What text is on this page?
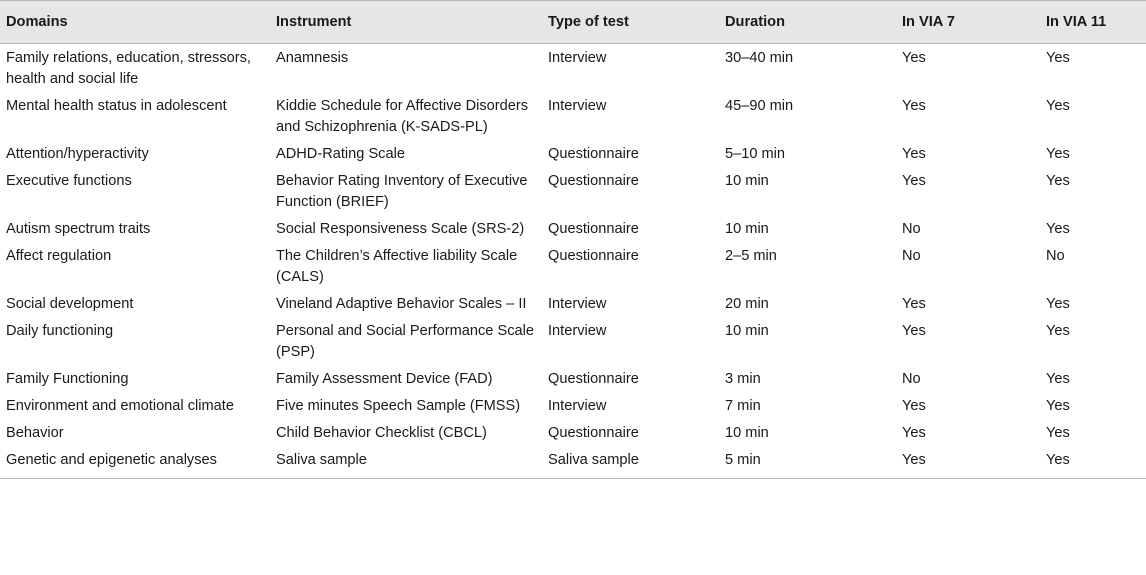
Domains	Instrument	Type of test	Duration	In VIA 7	In VIA 11
Family relations, education, stressors, health and social life	Anamnesis	Interview	30–40 min	Yes	Yes
Mental health status in adolescent	Kiddie Schedule for Affective Disorders and Schizophrenia (K-SADS-PL)	Interview	45–90 min	Yes	Yes
Attention/hyperactivity	ADHD-Rating Scale	Questionnaire	5–10 min	Yes	Yes
Executive functions	Behavior Rating Inventory of Executive Function (BRIEF)	Questionnaire	10 min	Yes	Yes
Autism spectrum traits	Social Responsiveness Scale (SRS-2)	Questionnaire	10 min	No	Yes
Affect regulation	The Children’s Affective liability Scale (CALS)	Questionnaire	2–5 min	No	No
Social development	Vineland Adaptive Behavior Scales – II	Interview	20 min	Yes	Yes
Daily functioning	Personal and Social Performance Scale (PSP)	Interview	10 min	Yes	Yes
Family Functioning	Family Assessment Device (FAD)	Questionnaire	3 min	No	Yes
Environment and emotional climate	Five minutes Speech Sample (FMSS)	Interview	7 min	Yes	Yes
Behavior	Child Behavior Checklist (CBCL)	Questionnaire	10 min	Yes	Yes
Genetic and epigenetic analyses	Saliva sample	Saliva sample	5 min	Yes	Yes
